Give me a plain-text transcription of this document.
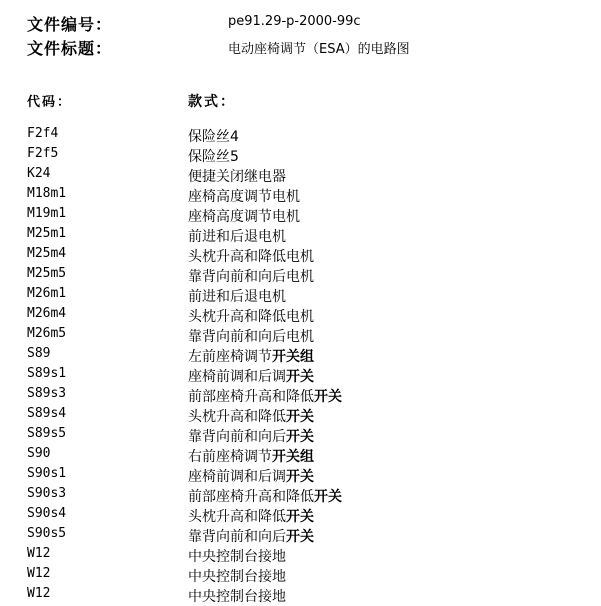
文件编号：	pe91.29-p-2000-99c
文件标题：	电动座椅调节（ESA）的电路图
代码：	款式：
F2f4	保险丝4
F2f5	保险丝5
K24	便捷关闭继电器
M18m1	座椅高度调节电机
M19m1	座椅高度调节电机
M25m1	前进和后退电机
M25m4	头枕升高和降低电机
M25m5	靠背向前和向后电机
M26m1	前进和后退电机
M26m4	头枕升高和降低电机
M26m5	靠背向前和向后电机
S89	左前座椅调节开关组
S89s1	座椅前调和后调开关
S89s3	前部座椅升高和降低开关
S89s4	头枕升高和降低开关
S89s5	靠背向前和向后开关
S90	右前座椅调节开关组
S90s1	座椅前调和后调开关
S90s3	前部座椅升高和降低开关
S90s4	头枕升高和降低开关
S90s5	靠背向前和向后开关
W12	中央控制台接地
W12	中央控制台接地
W12	中央控制台接地
